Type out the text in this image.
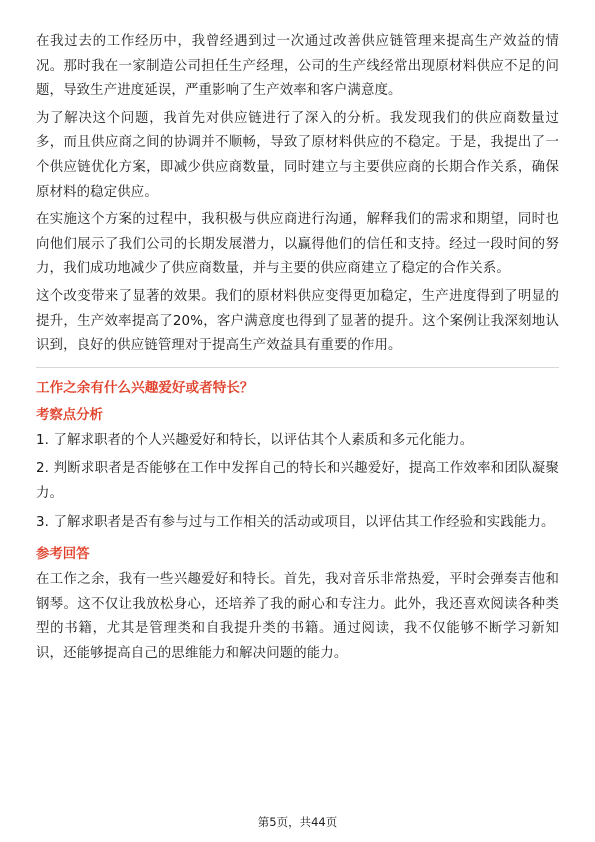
在我过去的工作经历中，我曾经遇到过一次通过改善供应链管理来提高生产效益的情况。那时我在一家制造公司担任生产经理，公司的生产线经常出现原材料供应不足的问题，导致生产进度延误，严重影响了生产效率和客户满意度。

为了解决这个问题，我首先对供应链进行了深入的分析。我发现我们的供应商数量过多，而且供应商之间的协调并不顺畅，导致了原材料供应的不稳定。于是，我提出了一个供应链优化方案，即减少供应商数量，同时建立与主要供应商的长期合作关系，确保原材料的稳定供应。

在实施这个方案的过程中，我积极与供应商进行沟通，解释我们的需求和期望，同时也向他们展示了我们公司的长期发展潜力，以赢得他们的信任和支持。经过一段时间的努力，我们成功地减少了供应商数量，并与主要的供应商建立了稳定的合作关系。

这个改变带来了显著的效果。我们的原材料供应变得更加稳定，生产进度得到了明显的提升，生产效率提高了20%，客户满意度也得到了显著的提升。这个案例让我深刻地认识到，良好的供应链管理对于提高生产效益具有重要的作用。

工作之余有什么兴趣爱好或者特长？

考察点分析

1. 了解求职者的个人兴趣爱好和特长，以评估其个人素质和多元化能力。

2. 判断求职者是否能够在工作中发挥自己的特长和兴趣爱好，提高工作效率和团队凝聚力。

3. 了解求职者是否有参与过与工作相关的活动或项目，以评估其工作经验和实践能力。

参考回答

在工作之余，我有一些兴趣爱好和特长。首先，我对音乐非常热爱，平时会弹奏吉他和钢琴。这不仅让我放松身心，还培养了我的耐心和专注力。此外，我还喜欢阅读各种类型的书籍，尤其是管理类和自我提升类的书籍。通过阅读，我不仅能够不断学习新知识，还能够提高自己的思维能力和解决问题的能力。

第5页，共44页
